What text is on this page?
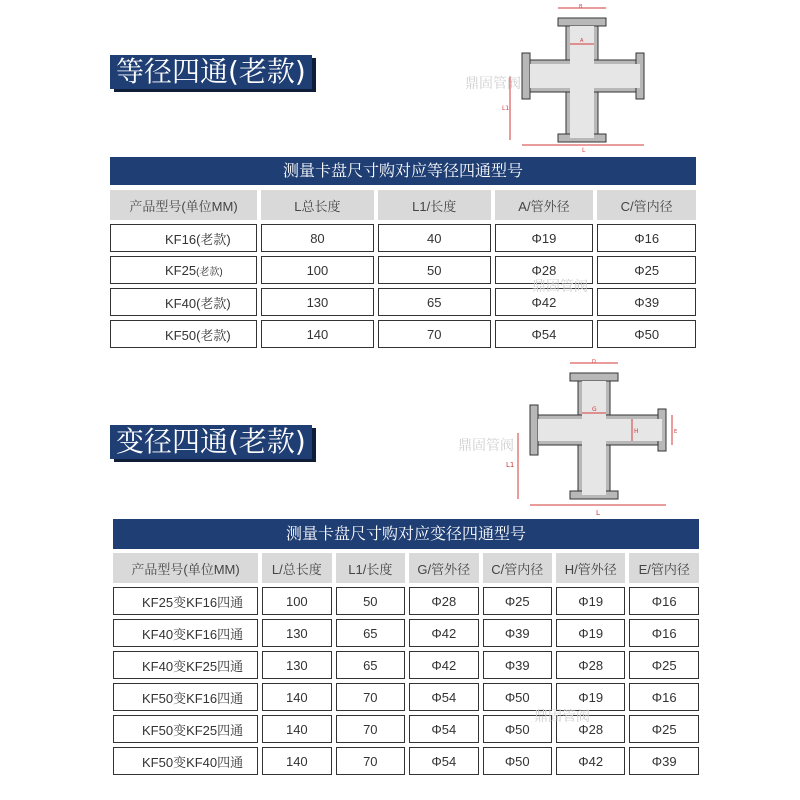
等径四通(老款)
B
A
L1
L
鼎固管阀
测量卡盘尺寸购对应等径四通型号
产品型号(单位MM)	L总长度	L1/长度	A/管外径	C/管内径
KF16(老款)	80	40	Φ19	Φ16
KF25(老款)	100	50	Φ28	Φ25
KF40(老款)	130	65	Φ42	Φ39
KF50(老款)	140	70	Φ54	Φ50
鼎固管阀
变径四通(老款)
D
G
H	E
L1
L
鼎固管阀
测量卡盘尺寸购对应变径四通型号
产品型号(单位MM)	L/总长度	L1/长度	G/管外径	C/管内径	H/管外径	E/管内径
KF25变KF16四通	100	50	Φ28	Φ25	Φ19	Φ16
KF40变KF16四通	130	65	Φ42	Φ39	Φ19	Φ16
KF40变KF25四通	130	65	Φ42	Φ39	Φ28	Φ25
KF50变KF16四通	140	70	Φ54	Φ50	Φ19	Φ16
KF50变KF25四通	140	70	Φ54	Φ50	Φ28	Φ25
KF50变KF40四通	140	70	Φ54	Φ50	Φ42	Φ39
鼎固管阀
